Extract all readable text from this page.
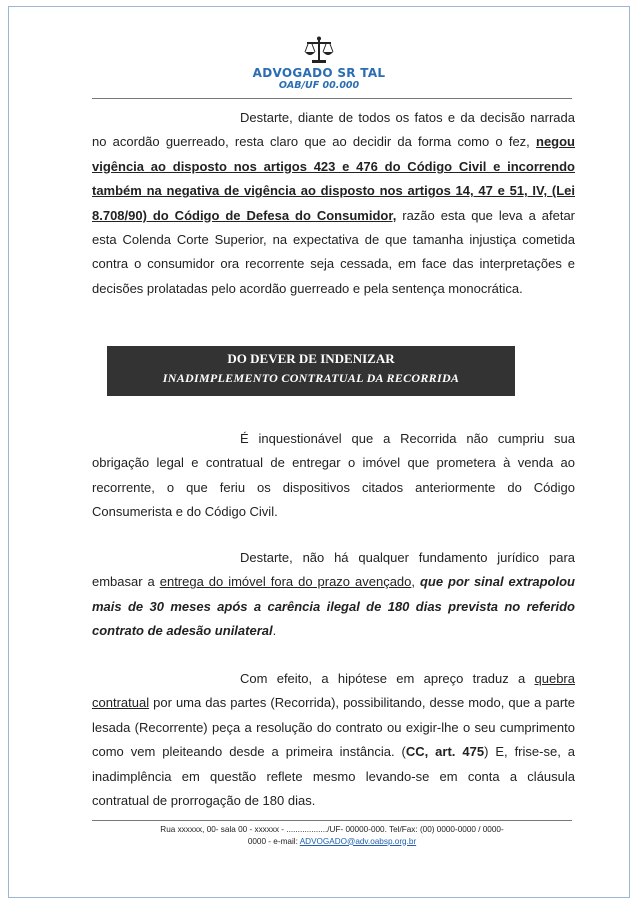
ADVOGADO SR TAL
OAB/UF 00.000

Destarte, diante de todos os fatos e da decisão narrada no acordão guerreado, resta claro que ao decidir da forma como o fez, negou vigência ao disposto nos artigos 423 e 476 do Código Civil e incorrendo também na negativa de vigência ao disposto nos artigos 14, 47 e 51, IV, (Lei 8.708/90) do Código de Defesa do Consumidor, razão esta que leva a afetar esta Colenda Corte Superior, na expectativa de que tamanha injustiça cometida contra o consumidor ora recorrente seja cessada, em face das interpretações e decisões prolatadas pelo acordão guerreado e pela sentença monocrática.

DO DEVER DE INDENIZAR
INADIMPLEMENTO CONTRATUAL DA RECORRIDA

É inquestionável que a Recorrida não cumpriu sua obrigação legal e contratual de entregar o imóvel que prometera à venda ao recorrente, o que feriu os dispositivos citados anteriormente do Código Consumerista e do Código Civil.

Destarte, não há qualquer fundamento jurídico para embasar a entrega do imóvel fora do prazo avençado, que por sinal extrapolou mais de 30 meses após a carência ilegal de 180 dias prevista no referido contrato de adesão unilateral.

Com efeito, a hipótese em apreço traduz a quebra contratual por uma das partes (Recorrida), possibilitando, desse modo, que a parte lesada (Recorrente) peça a resolução do contrato ou exigir-lhe o seu cumprimento como vem pleiteando desde a primeira instância. (CC, art. 475) E, frise-se, a inadimplência em questão reflete mesmo levando-se em conta a cláusula contratual de prorrogação de 180 dias.

Rua xxxxxx, 00- sala 00 - xxxxxx - ................../UF- 00000-000. Tel/Fax: (00) 0000-0000 / 0000-
0000 - e-mail: ADVOGADO@adv.oabsp.org.br
